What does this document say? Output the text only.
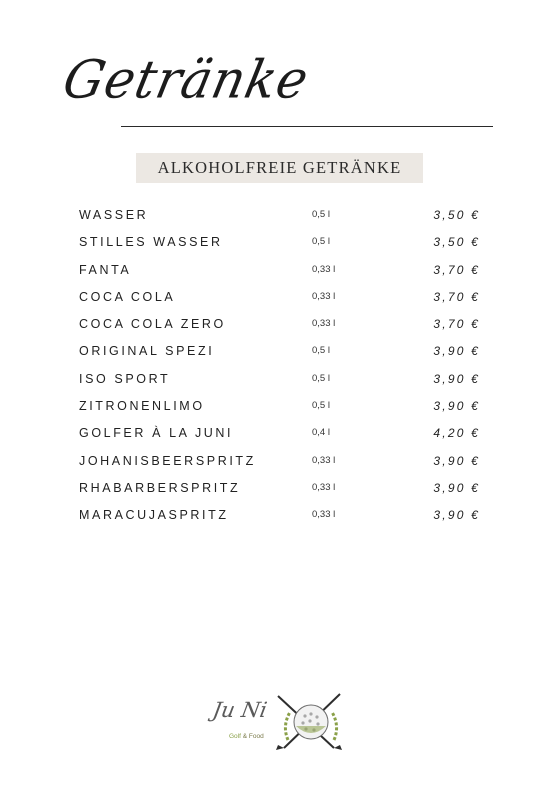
Getränke
ALKOHOLFREIE GETRÄNKE
WASSER	0,5 l	3,50 €
STILLES WASSER	0,5 l	3,50 €
FANTA	0,33 l	3,70 €
COCA COLA	0,33 l	3,70 €
COCA COLA ZERO	0,33 l	3,70 €
ORIGINAL SPEZI	0,5 l	3,90 €
ISO SPORT	0,5 l	3,90 €
ZITRONENLIMO	0,5 l	3,90 €
GOLFER À LA JUNI	0,4 l	4,20 €
JOHANISBEERSPRITZ	0,33 l	3,90 €
RHABARBERSPRITZ	0,33 l	3,90 €
MARACUJASPRITZ	0,33 l	3,90 €
Ju Ni
Golf & Food
